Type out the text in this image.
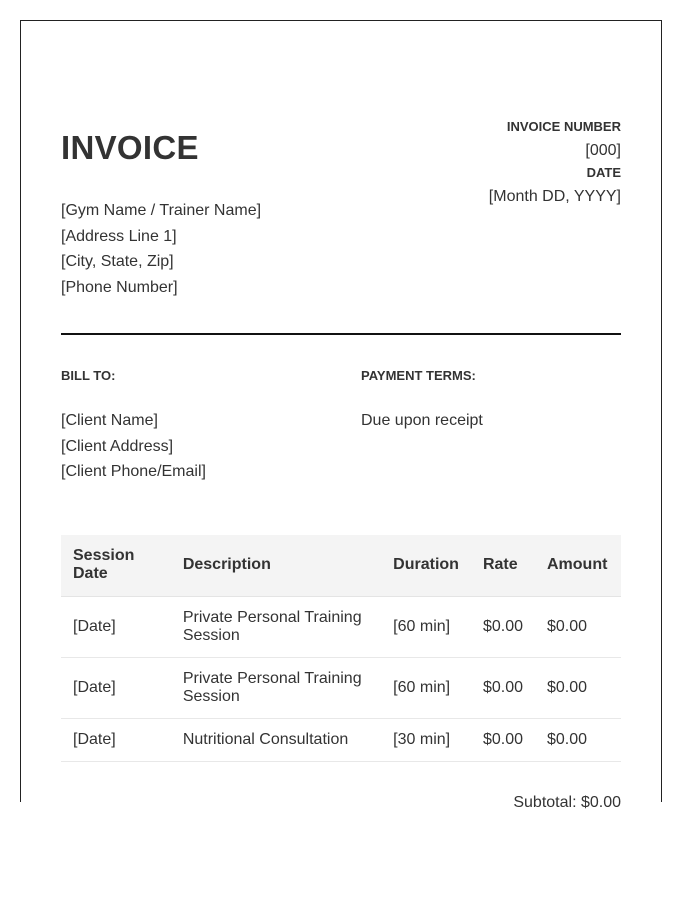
INVOICE
INVOICE NUMBER
[000]
DATE
[Month DD, YYYY]
[Gym Name / Trainer Name]
[Address Line 1]
[City, State, Zip]
[Phone Number]
BILL TO:
[Client Name]
[Client Address]
[Client Phone/Email]
PAYMENT TERMS:
Due upon receipt
Session Date	Description	Duration	Rate	Amount
[Date]	Private Personal Training Session	[60 min]	$0.00	$0.00
[Date]	Private Personal Training Session	[60 min]	$0.00	$0.00
[Date]	Nutritional Consultation	[30 min]	$0.00	$0.00
Subtotal: $0.00
